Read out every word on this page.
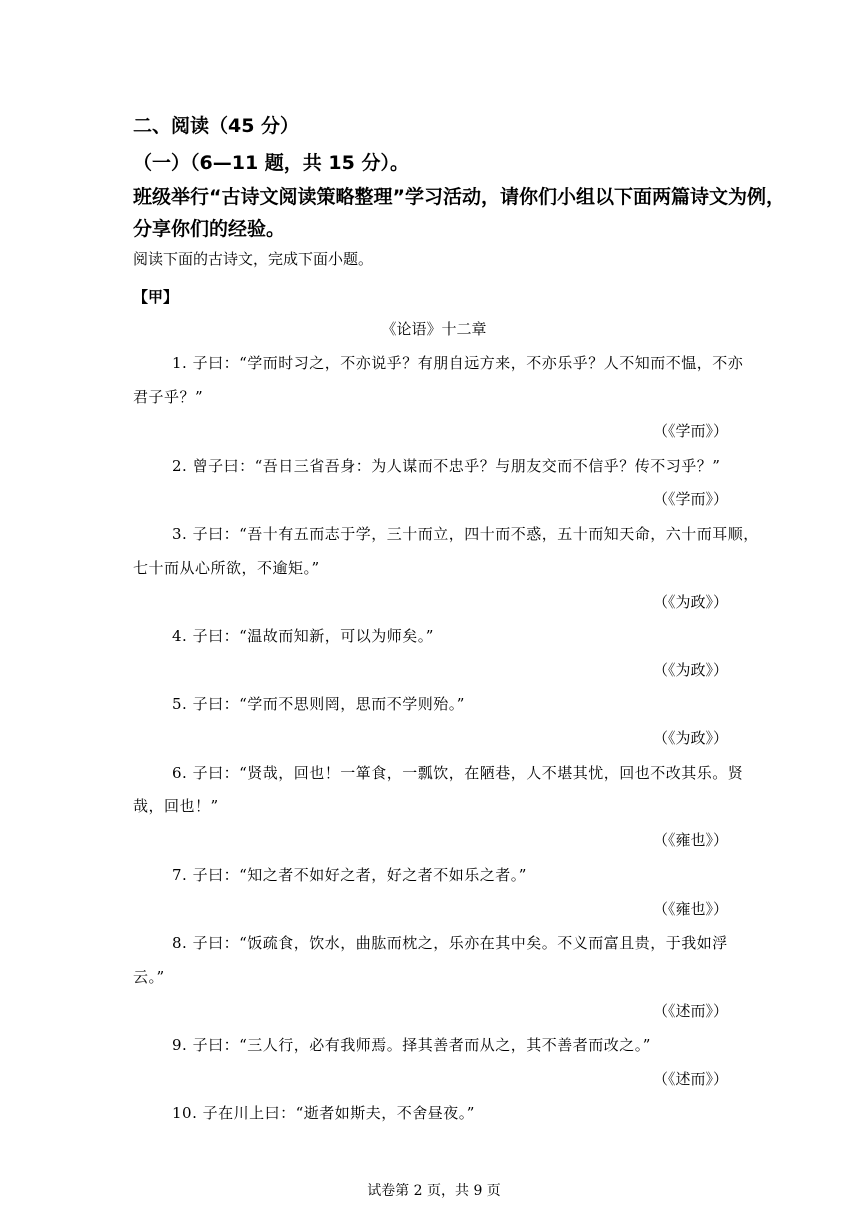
二、阅读（45 分）
（一）（6—11 题，共 15 分）。
班级举行“古诗文阅读策略整理”学习活动，请你们小组以下面两篇诗文为例，
分享你们的经验。
阅读下面的古诗文，完成下面小题。
【甲】
《论语》十二章
1. 子曰：“学而时习之，不亦说乎？有朋自远方来，不亦乐乎？人不知而不愠，不亦
君子乎？”
（《学而》）
2. 曾子曰：“吾日三省吾身：为人谋而不忠乎？与朋友交而不信乎？传不习乎？”
（《学而》）
3. 子曰：“吾十有五而志于学，三十而立，四十而不惑，五十而知天命，六十而耳顺，
七十而从心所欲，不逾矩。”
（《为政》）
4. 子曰：“温故而知新，可以为师矣。”
（《为政》）
5. 子曰：“学而不思则罔，思而不学则殆。”
（《为政》）
6. 子曰：“贤哉，回也！一箪食，一瓢饮，在陋巷，人不堪其忧，回也不改其乐。贤
哉，回也！”
（《雍也》）
7. 子曰：“知之者不如好之者，好之者不如乐之者。”
（《雍也》）
8. 子曰：“饭疏食，饮水，曲肱而枕之，乐亦在其中矣。不义而富且贵，于我如浮
云。”
（《述而》）
9. 子曰：“三人行，必有我师焉。择其善者而从之，其不善者而改之。”
（《述而》）
10. 子在川上曰：“逝者如斯夫，不舍昼夜。”
试卷第 2 页，共 9 页
